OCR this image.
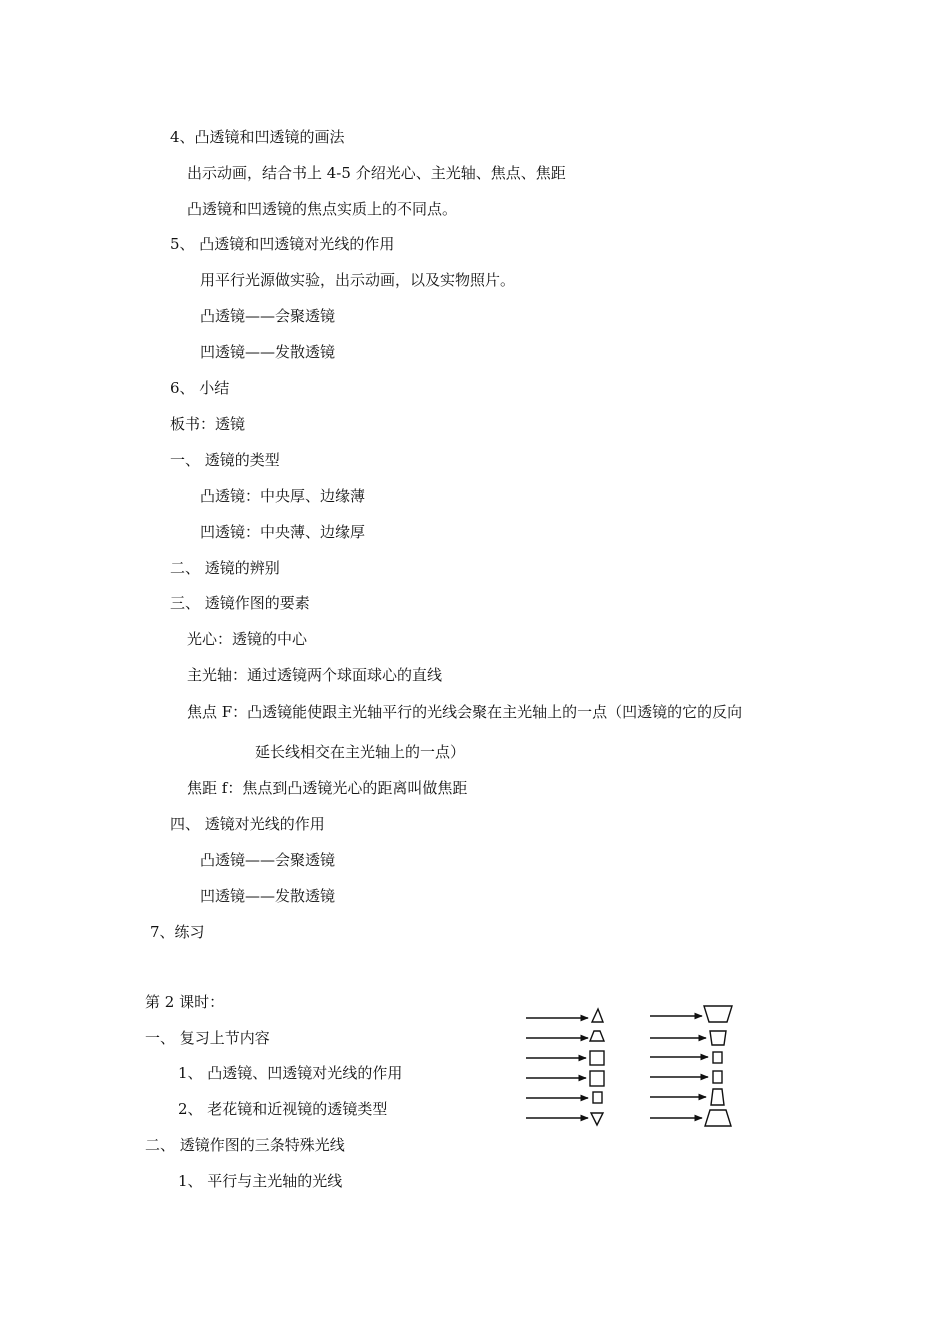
4、凸透镜和凹透镜的画法
出示动画，结合书上 4-5 介绍光心、主光轴、焦点、焦距
凸透镜和凹透镜的焦点实质上的不同点。
5、 凸透镜和凹透镜对光线的作用
用平行光源做实验，出示动画，以及实物照片。
凸透镜——会聚透镜
凹透镜——发散透镜
6、 小结
板书：透镜
一、 透镜的类型
凸透镜：中央厚、边缘薄
凹透镜：中央薄、边缘厚
二、 透镜的辨别
三、 透镜作图的要素
光心：透镜的中心
主光轴：通过透镜两个球面球心的直线
焦点 F：凸透镜能使跟主光轴平行的光线会聚在主光轴上的一点（凹透镜的它的反向
延长线相交在主光轴上的一点）
焦距 f：焦点到凸透镜光心的距离叫做焦距
四、 透镜对光线的作用
凸透镜——会聚透镜
凹透镜——发散透镜
7、练习
第 2 课时：
一、 复习上节内容
1、 凸透镜、凹透镜对光线的作用
2、 老花镜和近视镜的透镜类型
二、 透镜作图的三条特殊光线
1、 平行与主光轴的光线
